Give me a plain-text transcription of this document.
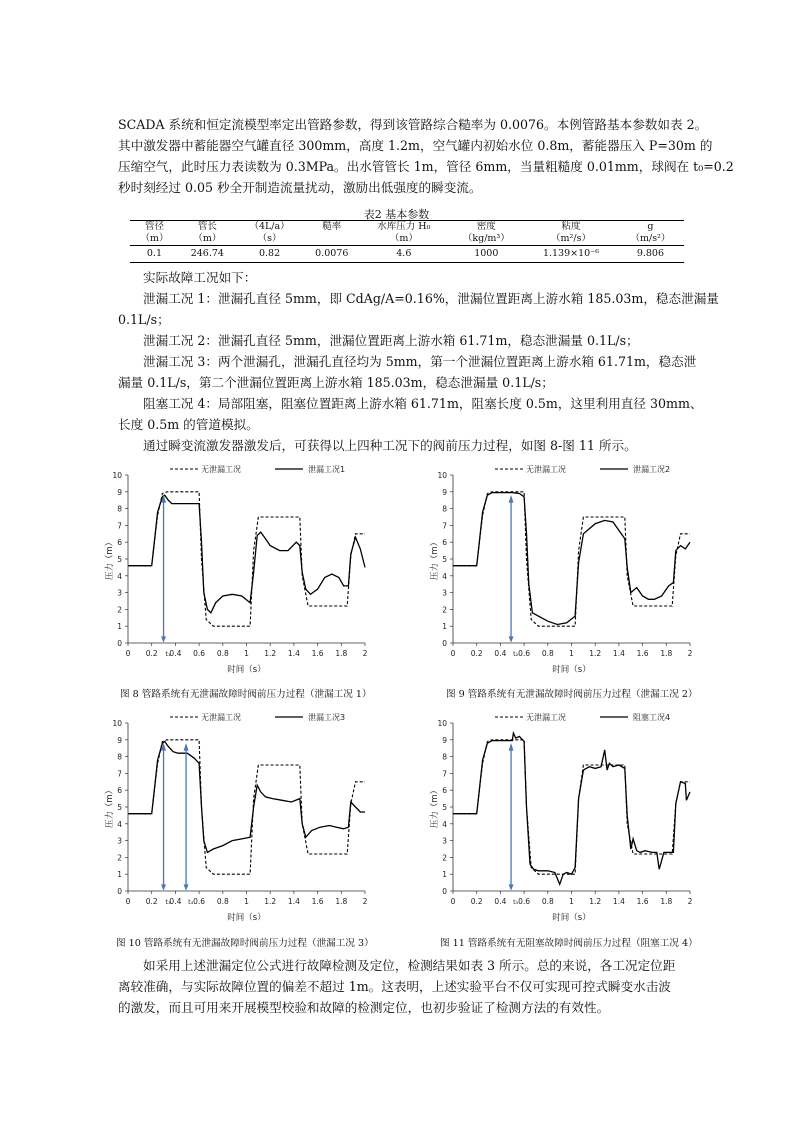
SCADA 系统和恒定流模型率定出管路参数，得到该管路综合糙率为 0.0076。本例管路基本参数如表 2。
其中激发器中蓄能器空气罐直径 300mm，高度 1.2m，空气罐内初始水位 0.8m，蓄能器压入 P=30m 的
压缩空气，此时压力表读数为 0.3MPa。出水管管长 1m，管径 6mm，当量粗糙度 0.01mm，球阀在 t₀=0.2
秒时刻经过 0.05 秒全开制造流量扰动，激励出低强度的瞬变流。
表2 基本参数
管径	管长	（4L/a）	糙率	水库压力 H₀	密度	粘度	g
（m）	（m）	（s）		（m）	（kg/m³）	（m²/s）	（m/s²）
0.1	246.74	0.82	0.0076	4.6	1000	1.139×10⁻⁶	9.806
实际故障工况如下：
泄漏工况 1：泄漏孔直径 5mm，即 CdAg/A=0.16%，泄漏位置距离上游水箱 185.03m，稳态泄漏量
0.1L/s；
泄漏工况 2：泄漏孔直径 5mm，泄漏位置距离上游水箱 61.71m，稳态泄漏量 0.1L/s；
泄漏工况 3：两个泄漏孔，泄漏孔直径均为 5mm，第一个泄漏位置距离上游水箱 61.71m，稳态泄
漏量 0.1L/s，第二个泄漏位置距离上游水箱 185.03m，稳态泄漏量 0.1L/s；
阻塞工况 4：局部阻塞，阻塞位置距离上游水箱 61.71m，阻塞长度 0.5m，这里利用直径 30mm、
长度 0.5m 的管道模拟。
通过瞬变流激发器激发后，可获得以上四种工况下的阀前压力过程，如图 8-图 11 所示。
0
1
2
3
4
5
6
7
8
9
10
0 0.2 0.4 0.6 0.8 1 1.2 1.4 1.6 1.8 2
时间（s）
压力（m）
t₁
无泄漏工况	泄漏工况1
0
1
2
3
4
5
6
7
8
9
10
0 0.2 0.4 0.6 0.8 1 1.2 1.4 1.6 1.8 2
时间（s）
压力（m）
t₂
无泄漏工况	泄漏工况2
0
1
2
3
4
5
6
7
8
9
10
0 0.2 0.4 0.6 0.8 1 1.2 1.4 1.6 1.8 2
时间（s）
压力（m）
t₃	t₄
无泄漏工况	泄漏工况3
0
1
2
3
4
5
6
7
8
9
10
0 0.2 0.4 0.6 0.8 1 1.2 1.4 1.6 1.8 2
时间（s）
压力（m）
t₅
无泄漏工况	阻塞工况4
图 8 管路系统有无泄漏故障时阀前压力过程（泄漏工况 1）	图 9 管路系统有无泄漏故障时阀前压力过程（泄漏工况 2）
图 10 管路系统有无泄漏故障时阀前压力过程（泄漏工况 3）	图 11 管路系统有无阻塞故障时阀前压力过程（阻塞工况 4）
如采用上述泄漏定位公式进行故障检测及定位，检测结果如表 3 所示。总的来说，各工况定位距
离较准确，与实际故障位置的偏差不超过 1m。这表明，上述实验平台不仅可实现可控式瞬变水击波
的激发，而且可用来开展模型校验和故障的检测定位，也初步验证了检测方法的有效性。
